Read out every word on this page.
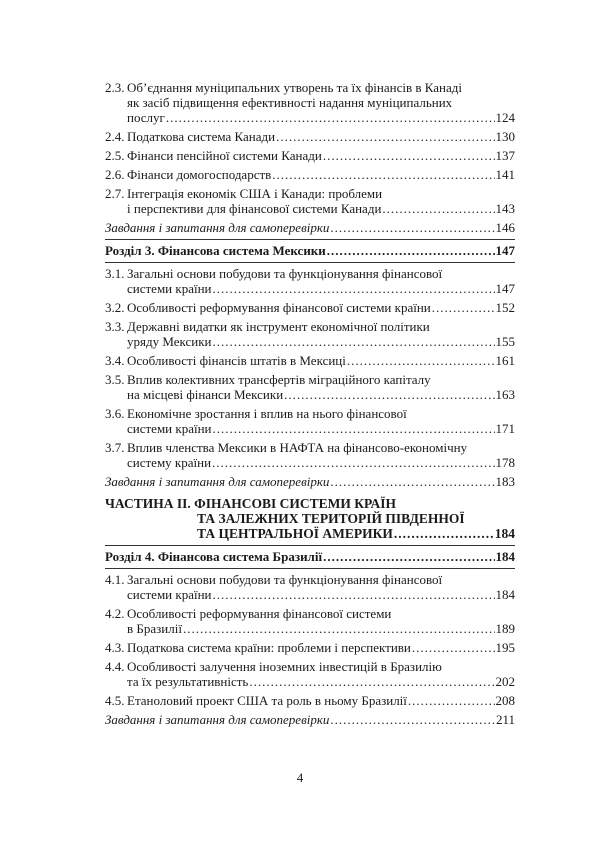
2.3. Об’єднання муніципальних утворень та їх фінансів в Канаді
як засіб підвищення ефективності надання муніципальних
послуг .....	124
2.4. Податкова система Канади .....	130
2.5. Фінанси пенсійної системи Канади .....	137
2.6. Фінанси домогосподарств .....	141
2.7. Інтеграція економік США і Канади: проблеми
і перспективи для фінансової системи Канади .....	143
Завдання і запитання для самоперевірки .....	146
Розділ 3. Фінансова система Мексики .....	147
3.1. Загальні основи побудови та функціонування фінансової
системи країни .....	147
3.2. Особливості реформування фінансової системи країни .....	152
3.3. Державні видатки як інструмент економічної політики
уряду Мексики .....	155
3.4. Особливості фінансів штатів в Мексиці .....	161
3.5. Вплив колективних трансфертів міграційного капіталу
на місцеві фінанси Мексики .....	163
3.6. Економічне зростання і вплив на нього фінансової
системи країни .....	171
3.7. Вплив членства Мексики в НАФТА на фінансово-економічну
систему країни .....	178
Завдання і запитання для самоперевірки .....	183
ЧАСТИНА ІІ. ФІНАНСОВІ СИСТЕМИ КРАЇН
ТА ЗАЛЕЖНИХ ТЕРИТОРІЙ ПІВДЕННОЇ
ТА ЦЕНТРАЛЬНОЇ АМЕРИКИ .....	184
Розділ 4. Фінансова система Бразилії .....	184
4.1. Загальні основи побудови та функціонування фінансової
системи країни .....	184
4.2. Особливості реформування фінансової системи
в Бразилії .....	189
4.3. Податкова система країни: проблеми і перспективи .....	195
4.4. Особливості залучення іноземних інвестицій в Бразилію
та їх результативність .....	202
4.5. Етанолoвий проект США та роль в ньому Бразилії .....	208
Завдання і запитання для самоперевірки .....	211
4
